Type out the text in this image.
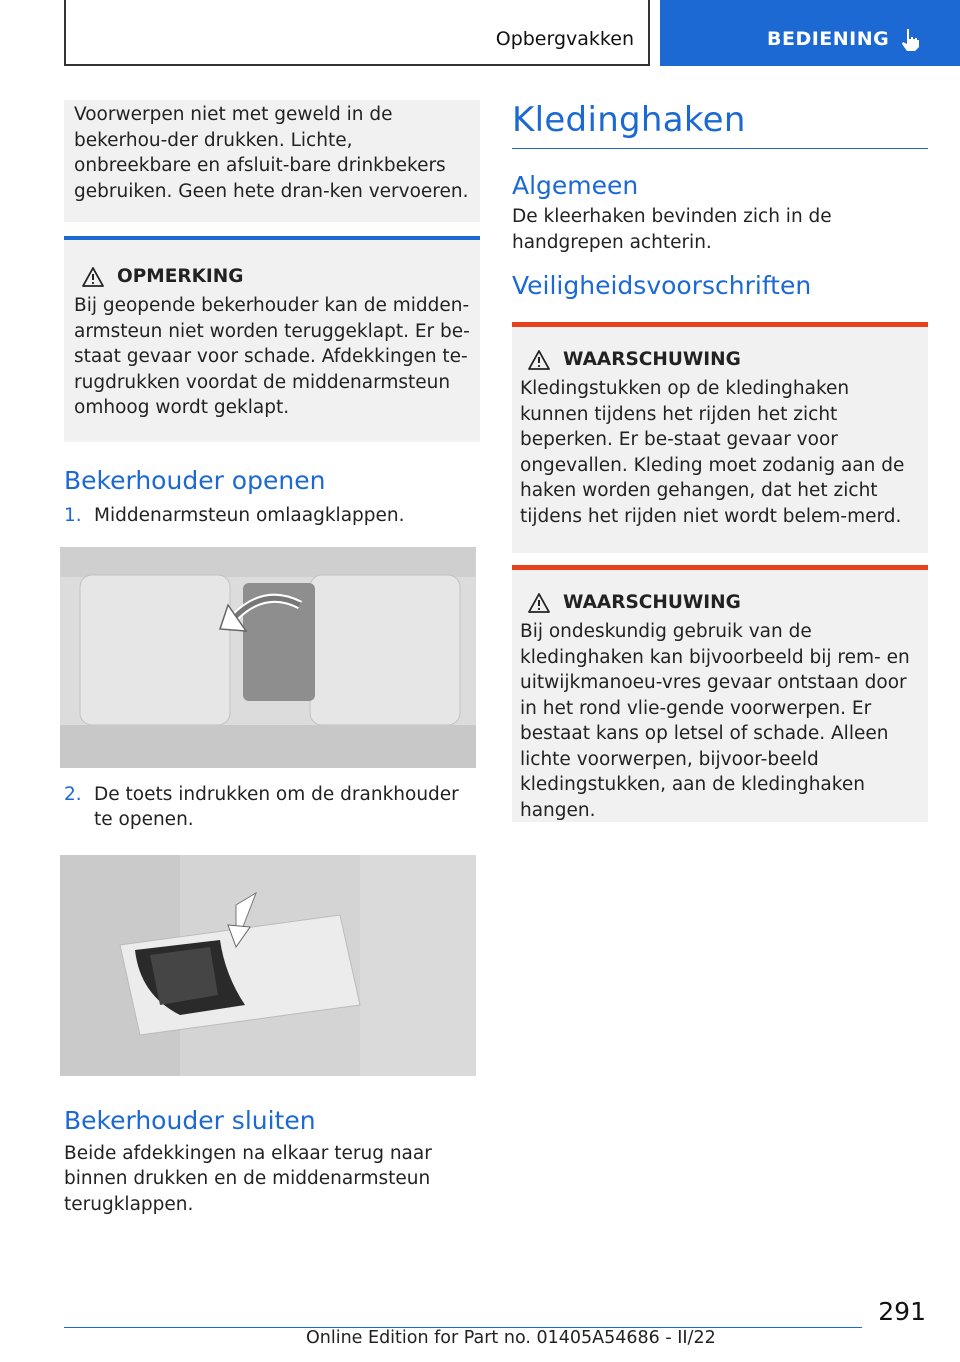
Opbergvakken	BEDIENING

Voorwerpen niet met geweld in de bekerhou-der drukken. Lichte, onbreekbare en afsluit-bare drinkbekers gebruiken. Geen hete dran-ken vervoeren.

OPMERKING

Bij geopende bekerhouder kan de midden-armsteun niet worden teruggeklapt. Er be-staat gevaar voor schade. Afdekkingen te-rugdrukken voordat de middenarmsteun omhoog wordt geklapt.

Bekerhouder openen
1. Middenarmsteun omlaagklappen.
2. De toets indrukken om de drankhouder te openen.
Bekerhouder sluiten

Beide afdekkingen na elkaar terug naar binnen drukken en de middenarmsteun terugklappen.

Kledinghaken
Algemeen

De kleerhaken bevinden zich in de handgrepen achterin.

Veiligheidsvoorschriften
WAARSCHUWING

Kledingstukken op de kledinghaken kunnen tijdens het rijden het zicht beperken. Er be-staat gevaar voor ongevallen. Kleding moet zodanig aan de haken worden gehangen, dat het zicht tijdens het rijden niet wordt belem-merd.

WAARSCHUWING

Bij ondeskundig gebruik van de kledinghaken kan bijvoorbeeld bij rem- en uitwijkmanoeu-vres gevaar ontstaan door in het rond vlie-gende voorwerpen. Er bestaat kans op letsel of schade. Alleen lichte voorwerpen, bijvoor-beeld kledingstukken, aan de kledinghaken hangen.

291
Online Edition for Part no. 01405A54686 - II/22
